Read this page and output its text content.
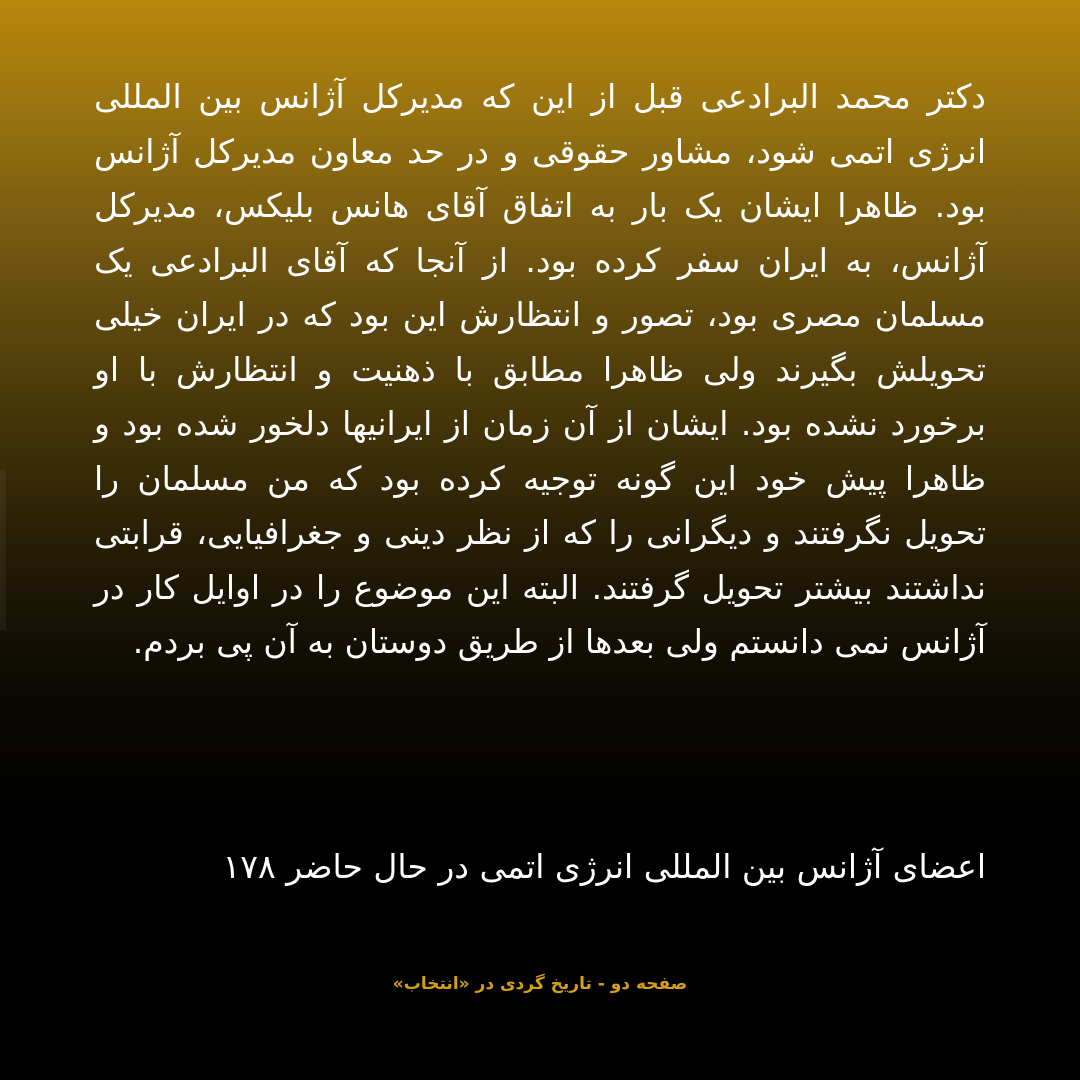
دکتر محمد البرادعی قبل از این که مدیرکل آژانس بین المللی انرژی اتمی شود، مشاور حقوقی و در حد معاون مدیرکل آژانس بود. ظاهرا ایشان یک بار به اتفاق آقای هانس بلیکس، مدیرکل آژانس، به ایران سفر کرده بود. از آنجا که آقای البرادعی یک مسلمان مصری بود، تصور و انتظارش این بود که در ایران خیلی تحویلش بگیرند ولی ظاهرا مطابق با ذهنیت و انتظارش با او برخورد نشده بود. ایشان از آن زمان از ایرانیها دلخور شده بود و ظاهرا پیش خود این گونه توجیه کرده بود که من مسلمان را تحویل نگرفتند و دیگرانی را که از نظر دینی و جغرافیایی، قرابتی نداشتند بیشتر تحویل گرفتند. البته این موضوع را در اوایل کار در آژانس نمی دانستم ولی بعدها از طریق دوستان به آن پی بردم.

اعضای آژانس بین المللی انرژی اتمی در حال حاضر ۱۷۸

صفحه دو - تاریخ گردی در «انتخاب»
